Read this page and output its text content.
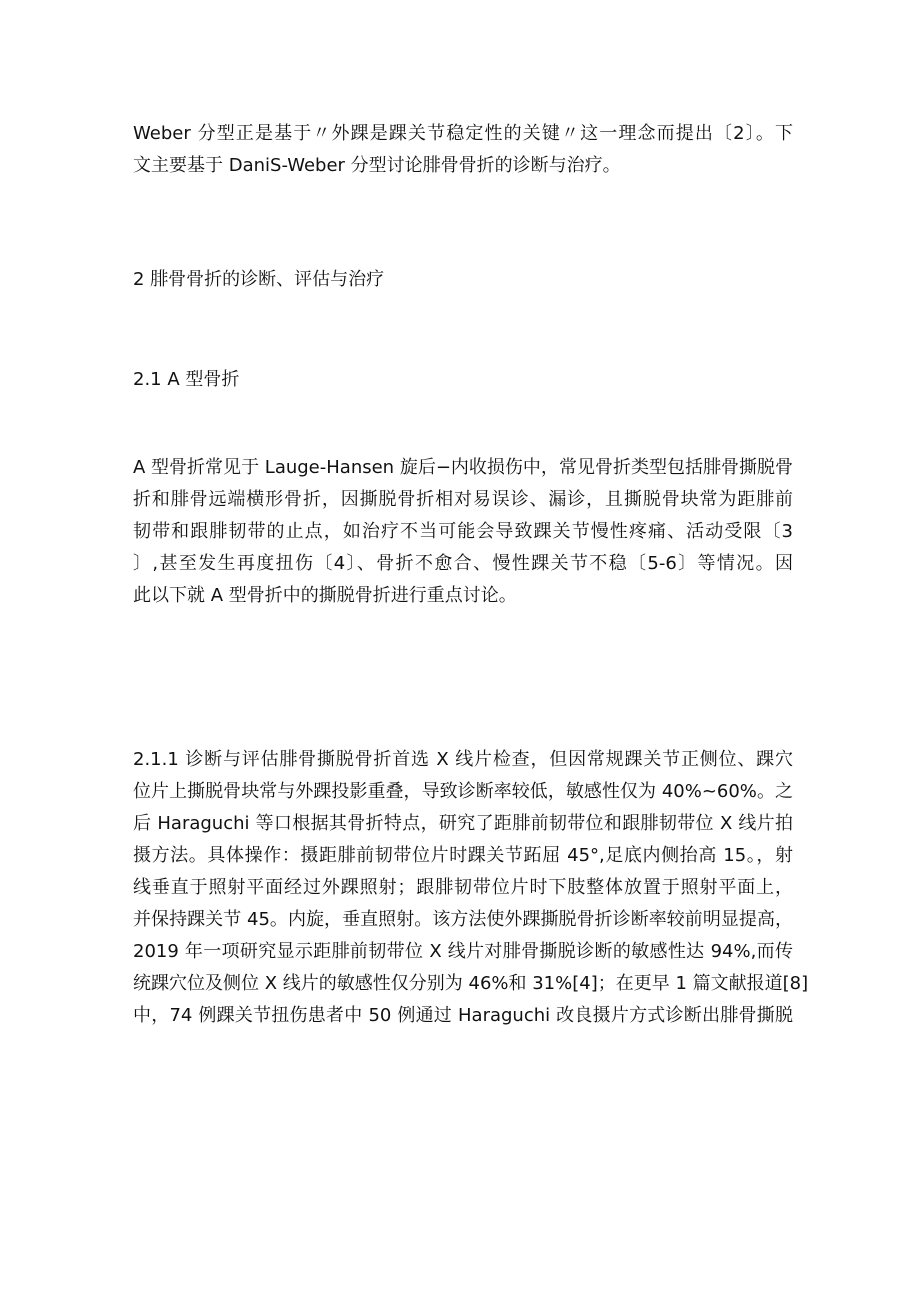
Weber 分型正是基于〃外踝是踝关节稳定性的关键〃这一理念而提出〔2〕。下
文主要基于 DaniS-Weber 分型讨论腓骨骨折的诊断与治疗。
2 腓骨骨折的诊断、评估与治疗
2.1 A 型骨折
A 型骨折常见于 Lauge-Hansen 旋后−内收损伤中，常见骨折类型包括腓骨撕脱骨
折和腓骨远端横形骨折，因撕脱骨折相对易误诊、漏诊，且撕脱骨块常为距腓前
韧带和跟腓韧带的止点，如治疗不当可能会导致踝关节慢性疼痛、活动受限〔3
〕,甚至发生再度扭伤〔4〕、骨折不愈合、慢性踝关节不稳〔5-6〕等情况。因
此以下就 A 型骨折中的撕脱骨折进行重点讨论。
2.1.1 诊断与评估腓骨撕脱骨折首选 X 线片检查，但因常规踝关节正侧位、踝穴
位片上撕脱骨块常与外踝投影重叠，导致诊断率较低，敏感性仅为 40%~60%。之
后 Haraguchi 等口根据其骨折特点，研究了距腓前韧带位和跟腓韧带位 X 线片拍
摄方法。具体操作：摄距腓前韧带位片时踝关节跖屈 45°,足底内侧抬高 15。，射
线垂直于照射平面经过外踝照射；跟腓韧带位片时下肢整体放置于照射平面上，
并保持踝关节 45。内旋，垂直照射。该方法使外踝撕脱骨折诊断率较前明显提高，
2019 年一项研究显示距腓前韧带位 X 线片对腓骨撕脱诊断的敏感性达 94%,而传
统踝穴位及侧位 X 线片的敏感性仅分别为 46%和 31%[4]；在更早 1 篇文献报道[8]
中，74 例踝关节扭伤患者中 50 例通过 Haraguchi 改良摄片方式诊断出腓骨撕脱
